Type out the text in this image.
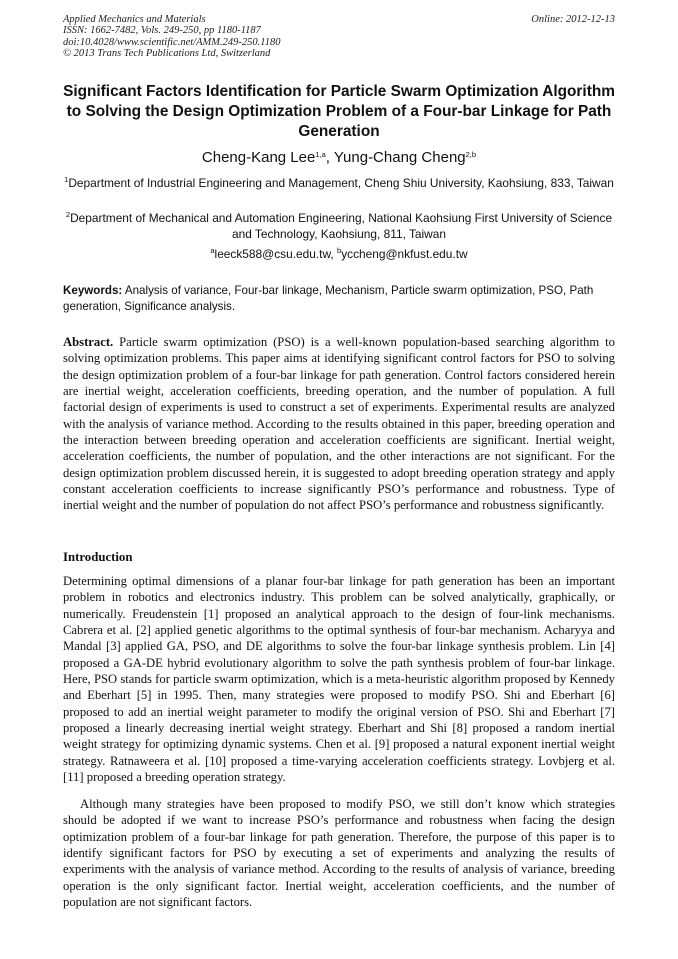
Applied Mechanics and Materials
ISSN: 1662-7482, Vols. 249-250, pp 1180-1187
doi:10.4028/www.scientific.net/AMM.249-250.1180
© 2013 Trans Tech Publications Ltd, Switzerland
Online: 2012-12-13
Significant Factors Identification for Particle Swarm Optimization Algorithm to Solving the Design Optimization Problem of a Four-bar Linkage for Path Generation
Cheng-Kang Lee$^{1,a}$, Yung-Chang Cheng$^{2,b}$
$^1$Department of Industrial Engineering and Management, Cheng Shiu University, Kaohsiung, 833, Taiwan
$^2$Department of Mechanical and Automation Engineering, National Kaohsiung First University of Science and Technology, Kaohsiung, 811, Taiwan
$^a$leeck588@csu.edu.tw, $^b$yccheng@nkfust.edu.tw
Keywords: Analysis of variance, Four-bar linkage, Mechanism, Particle swarm optimization, PSO, Path generation, Significance analysis.

Abstract. Particle swarm optimization (PSO) is a well-known population-based searching algorithm to solving optimization problems. This paper aims at identifying significant control factors for PSO to solving the design optimization problem of a four-bar linkage for path generation. Control factors considered herein are inertial weight, acceleration coefficients, breeding operation, and the number of population. A full factorial design of experiments is used to construct a set of experiments. Experimental results are analyzed with the analysis of variance method. According to the results obtained in this paper, breeding operation and the interaction between breeding operation and acceleration coefficients are significant. Inertial weight, acceleration coefficients, the number of population, and the other interactions are not significant. For the design optimization problem discussed herein, it is suggested to adopt breeding operation strategy and apply constant acceleration coefficients to increase significantly PSO’s performance and robustness. Type of inertial weight and the number of population do not affect PSO’s performance and robustness significantly.

Introduction

Determining optimal dimensions of a planar four-bar linkage for path generation has been an important problem in robotics and electronics industry. This problem can be solved analytically, graphically, or numerically. Freudenstein [1] proposed an analytical approach to the design of four-link mechanisms. Cabrera et al. [2] applied genetic algorithms to the optimal synthesis of four-bar mechanism. Acharyya and Mandal [3] applied GA, PSO, and DE algorithms to solve the four-bar linkage synthesis problem. Lin [4] proposed a GA-DE hybrid evolutionary algorithm to solve the path synthesis problem of four-bar linkage. Here, PSO stands for particle swarm optimization, which is a meta-heuristic algorithm proposed by Kennedy and Eberhart [5] in 1995. Then, many strategies were proposed to modify PSO. Shi and Eberhart [6] proposed to add an inertial weight parameter to modify the original version of PSO. Shi and Eberhart [7] proposed a linearly decreasing inertial weight strategy. Eberhart and Shi [8] proposed a random inertial weight strategy for optimizing dynamic systems. Chen et al. [9] proposed a natural exponent inertial weight strategy. Ratnaweera et al. [10] proposed a time-varying acceleration coefficients strategy. Lovbjerg et al. [11] proposed a breeding operation strategy.

Although many strategies have been proposed to modify PSO, we still don’t know which strategies should be adopted if we want to increase PSO’s performance and robustness when facing the design optimization problem of a four-bar linkage for path generation. Therefore, the purpose of this paper is to identify significant factors for PSO by executing a set of experiments and analyzing the results of experiments with the analysis of variance method. According to the results of analysis of variance, breeding operation is the only significant factor. Inertial weight, acceleration coefficients, and the number of population are not significant factors.
